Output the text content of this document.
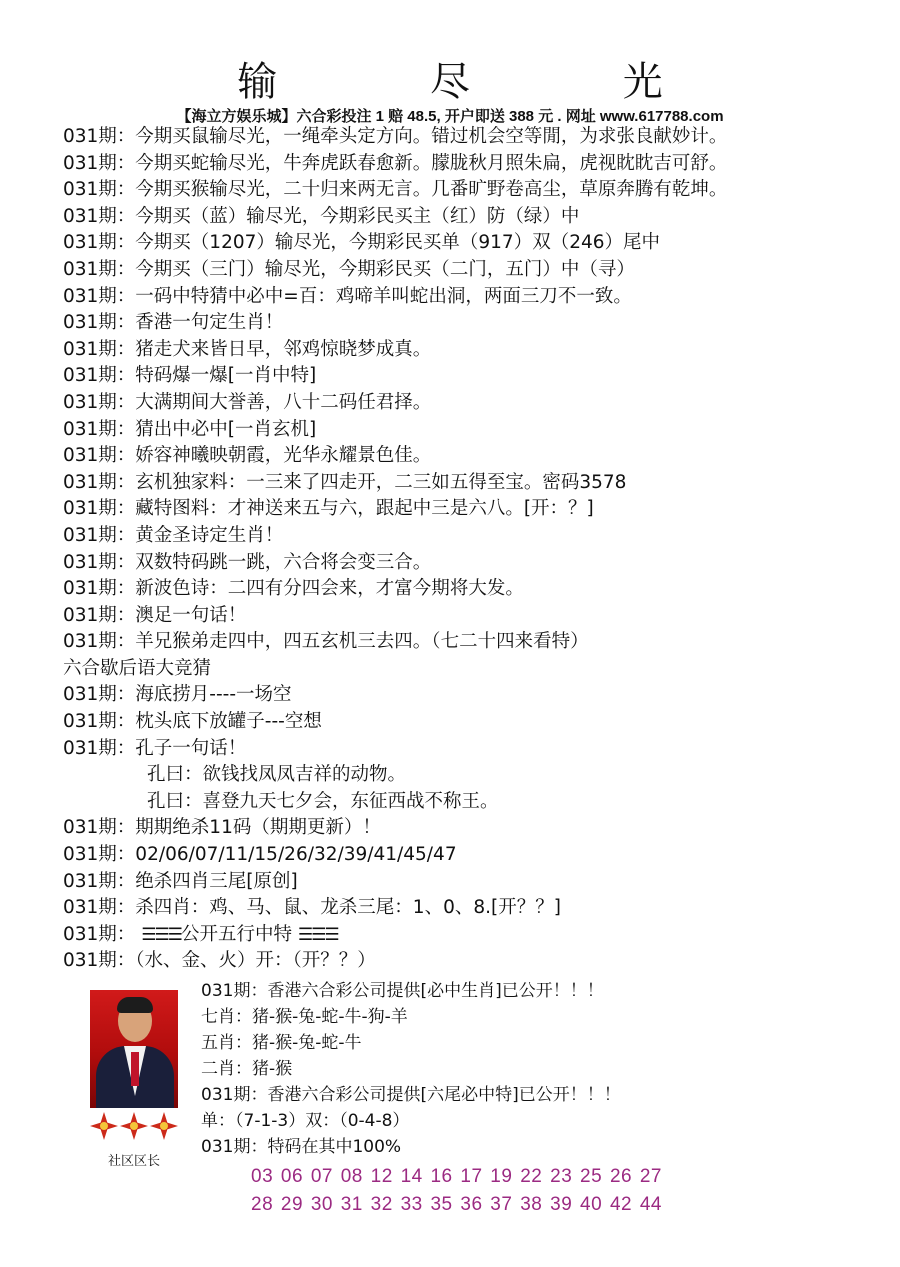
输 尽 光
【海立方娱乐城】六合彩投注 1 赔 48.5, 开户即送 388 元 . 网址 www.617788.com
031期：今期买鼠输尽光，一绳牵头定方向。错过机会空等閒，为求张良献妙计。
031期：今期买蛇输尽光，牛奔虎跃春愈新。朦胧秋月照朱扁，虎视眈眈吉可舒。
031期：今期买猴输尽光，二十归来两无言。几番旷野卷高尘，草原奔腾有乾坤。
031期：今期买（蓝）输尽光，今期彩民买主（红）防（绿）中
031期：今期买（1207）输尽光，今期彩民买单（917）双（246）尾中
031期：今期买（三门）输尽光，今期彩民买（二门，五门）中（寻）
031期：一码中特猜中必中=百：鸡啼羊叫蛇出洞，两面三刀不一致。
031期：香港一句定生肖！
031期：猪走犬来皆日早，邻鸡惊晓梦成真。
031期：特码爆一爆[一肖中特]
031期：大满期间大誉善，八十二码任君择。
031期：猜出中必中[一肖玄机]
031期：娇容神曦映朝霞，光华永耀景色佳。
031期：玄机独家料：一三来了四走开，二三如五得至宝。密码3578
031期：藏特图料：才神送来五与六，跟起中三是六八。[开：？]
031期：黄金圣诗定生肖！
031期：双数特码跳一跳，六合将会变三合。
031期：新波色诗：二四有分四会来，才富今期将大发。
031期：澳足一句话！
031期：羊兄猴弟走四中，四五玄机三去四。（七二十四来看特）
六合歇后语大竞猜
031期：海底捞月----一场空
031期：枕头底下放罐子---空想
031期：孔子一句话！
孔曰：欲钱找凤凤吉祥的动物。
孔曰：喜登九天七夕会，东征西战不称王。
031期：期期绝杀11码（期期更新）！
031期：02/06/07/11/15/26/32/39/41/45/47
031期：绝杀四肖三尾[原创]
031期：杀四肖：鸡、马、鼠、龙杀三尾：1、0、8.[开？？]
031期： ☰☰☰公开五行中特 ☰☰☰
031期：（水、金、火）开：（开？？）
社区区长
031期：香港六合彩公司提供[必中生肖]已公开！！！
七肖：猪-猴-兔-蛇-牛-狗-羊
五肖：猪-猴-兔-蛇-牛
二肖：猪-猴
031期：香港六合彩公司提供[六尾必中特]已公开！！！
单：（7-1-3）双：（0-4-8）
031期：特码在其中100%
03 06 07 08 12 14 16 17 19 22 23 25 26 27
28 29 30 31 32 33 35 36 37 38 39 40 42 44
